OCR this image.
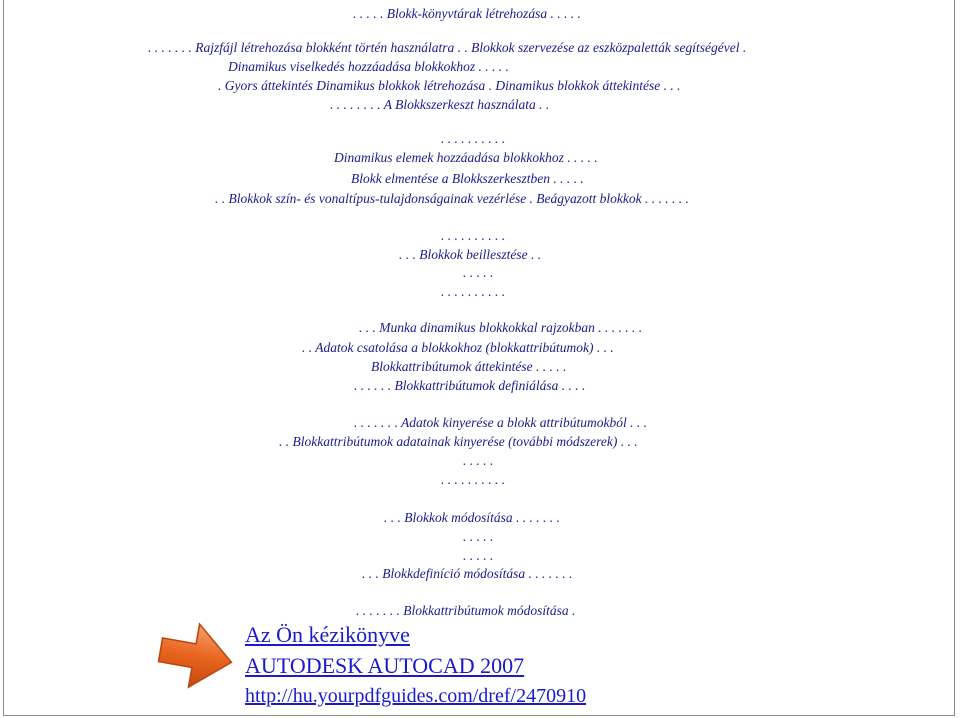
. . . . . Blokk-könyvtárak létrehozása . . . . .
. . . . . . . Rajzfájl létrehozása blokként történ használatra . . Blokkok szervezése az eszközpaletták segítségével .
Dinamikus viselkedés hozzáadása blokkokhoz . . . . .
. Gyors áttekintés Dinamikus blokkok létrehozása . Dinamikus blokkok áttekintése . . .
. . . . . . . . A Blokkszerkeszt használata . .
. . . . . . . . . .
Dinamikus elemek hozzáadása blokkokhoz . . . . .
Blokk elmentése a Blokkszerkesztben . . . . .
. . Blokkok szín- és vonaltípus-tulajdonságainak vezérlése . Beágyazott blokkok . . . . . . .
. . . . . . . . . .
. . . Blokkok beillesztése . .
. . . . .
. . . . . . . . . .
. . . Munka dinamikus blokkokkal rajzokban . . . . . . .
. . Adatok csatolása a blokkokhoz (blokkattribútumok) . . .
Blokkattribútumok áttekintése . . . . .
. . . . . . Blokkattribútumok definiálása . . . .
. . . . . . . Adatok kinyerése a blokk attribútumokból . . .
. . Blokkattribútumok adatainak kinyerése (további módszerek) . . .
. . . . .
. . . . . . . . . .
. . . Blokkok módosítása . . . . . . .
. . . . .
. . . . .
. . . Blokkdefiníció módosítása . . . . . . .
. . . . . . . Blokkattribútumok módosítása .
Az Ön kézikönyve
AUTODESK AUTOCAD 2007
http://hu.yourpdfguides.com/dref/2470910
